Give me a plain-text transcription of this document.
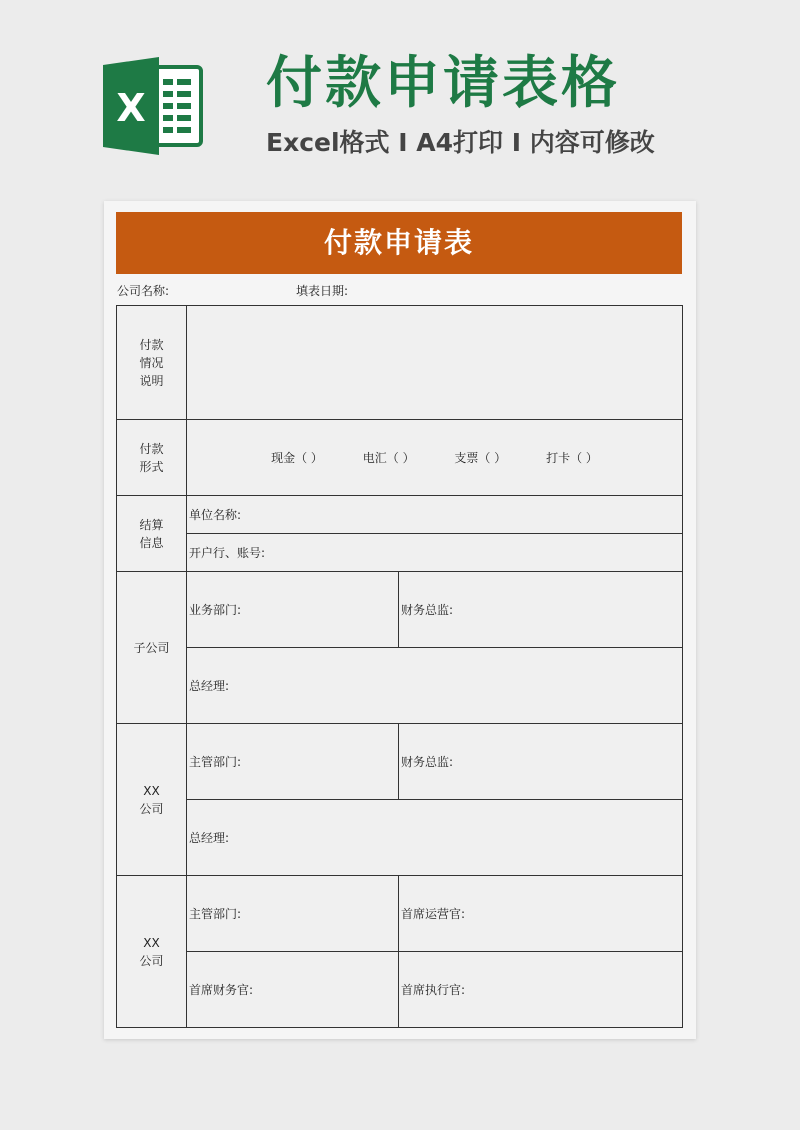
X 付款申请表格
Excel格式 Ⅰ A4打印 Ⅰ 内容可修改
付款申请表
公司名称:	填表日期:
付款
情况
说明		
付款
形式	现金（ ） 电汇（ ） 支票（ ） 打卡（ ）	
结算
信息	单位名称:	
	开户行、账号:	
子公司	业务部门:	财务总监:
	总经理:	
XX
公司	主管部门:	财务总监:
	总经理:	
XX
公司	主管部门:	首席运营官:
	首席财务官:	首席执行官:
